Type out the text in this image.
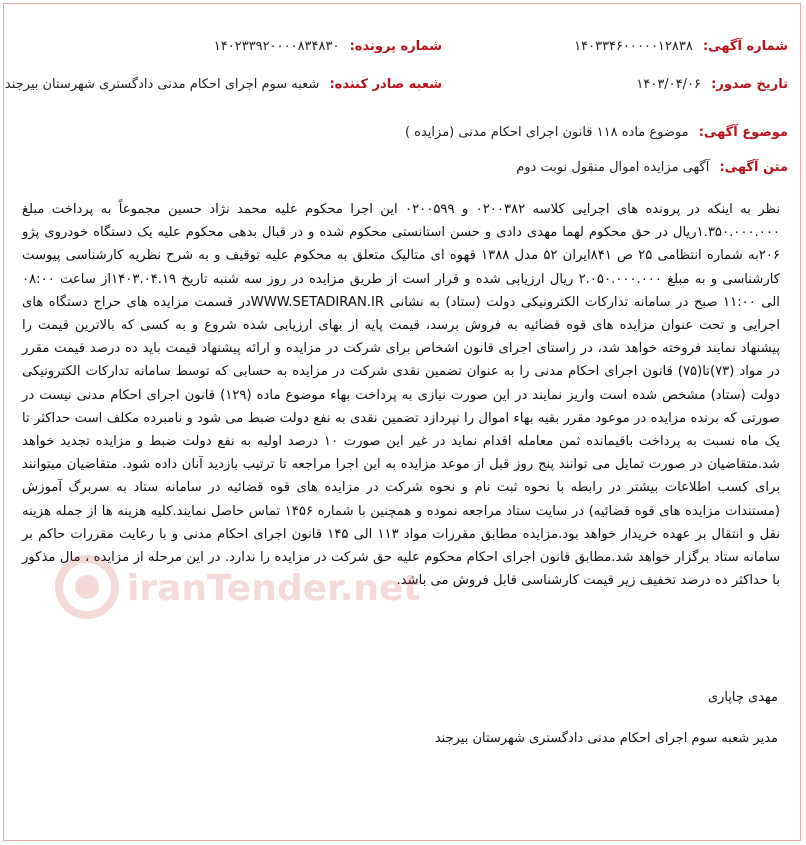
شماره آگهی: ۱۴۰۳۳۴۶۰۰۰۰۰۱۲۸۳۸
شماره پرونده: ۱۴۰۲۳۳۹۲۰۰۰۰۸۳۴۸۳۰
تاریخ صدور: ۱۴۰۳/۰۴/۰۶
شعبه صادر کننده: شعبه سوم اجرای احکام مدنی دادگستری شهرستان بیرجند
موضوع آگهی: موضوع ماده ۱۱۸ قانون اجرای احکام مدنی (مزایده )
متن آگهی: آگهی مزایده اموال منقول نوبت دوم
نظر به اینکه در پرونده های اجرایی کلاسه ۰۲۰۰۳۸۲ و ۰۲۰۰۵۹۹ این اجرا محکوم علیه محمد نژاد حسین مجموعاً به پرداخت مبلغ ۱.۳۵۰.۰۰۰.۰۰۰ریال در حق محکوم لهما مهدی دادی و حسن استانستی محکوم شده و در قبال بدهی محکوم علیه یک دستگاه خودروی پژو ۲۰۶به شماره انتظامی ۲۵ ص ۸۴۱ایران ۵۲ مدل ۱۳۸۸ قهوه ای متالیک متعلق به محکوم علیه توقیف و به شرح نظریه کارشناسی پیوست کارشناسی و به مبلغ ۲.۰۵۰.۰۰۰.۰۰۰ ریال ارزیابی شده و قرار است از طریق مزایده در روز سه شنبه تاریخ ۱۴۰۳.۰۴.۱۹از ساعت ۰۸:۰۰ الی ۱۱:۰۰ صبح در سامانه تدارکات الکترونیکی دولت (ستاد) به نشانی WWW.SETADIRAN.IRدر قسمت مزایده های حراج دستگاه های اجرایی و تحت عنوان مزایده های قوه قضائیه به فروش برسد، قیمت پایه از بهای ارزیابی شده شروع و به کسی که بالاترین قیمت را پیشنهاد نمایند فروخته خواهد شد، در راستای اجرای قانون اشخاص برای شرکت در مزایده و ارائه پیشنهاد قیمت باید ده درصد قیمت مقرر در مواد (۷۳)تا(۷۵) قانون اجرای احکام مدنی را به عنوان تضمین نقدی شرکت در مزایده به حسابی که توسط سامانه تدارکات الکترونیکی دولت (ستاد) مشخص شده است واریز نمایند در این صورت نیازی به پرداخت بهاء موضوع ماده (۱۲۹) قانون اجرای احکام مدنی نیست در صورتی که برنده مزایده در موعود مقرر بقیه بهاء اموال را نپردازد تضمین نقدی به نفع دولت ضبط می شود و نامبرده مکلف است حداکثر تا یک ماه نسبت به پرداخت باقیمانده ثمن معامله اقدام نماید در غیر این صورت ۱۰ درصد اولیه به نفع دولت ضبط و مزایده تجدید خواهد شد.متقاضیان در صورت تمایل می توانند پنج روز قبل از موعد مزایده به این اجرا مراجعه تا ترتیب بازدید آنان داده شود. متقاضیان میتوانند برای کسب اطلاعات بیشتر در رابطه با نحوه ثبت نام و نحوه شرکت در مزایده های قوه قضائیه در سامانه ستاد به سربرگ آموزش (مستندات مزایده های قوه قضائیه) در سایت ستاد مراجعه نموده و همچنین با شماره ۱۴۵۶ تماس حاصل نمایند.کلیه هزینه ها از جمله هزینه نقل و انتقال بر عهده خریدار خواهد بود.مزایده مطابق مقررات مواد ۱۱۳ الی ۱۴۵ قانون اجرای احکام مدنی و با رعایت مقررات حاکم بر سامانه ستاد برگزار خواهد شد.مطابق قانون اجرای احکام محکوم علیه حق شرکت در مزایده را ندارد. در این مرحله از مزایده ، مال مذکور با حداکثر ده درصد تخفیف زیر قیمت کارشناسی قابل فروش می باشد.
iranTender.net
مهدی چاپاری
مدیر شعبه سوم اجرای احکام مدنی دادگستری شهرستان بیرجند
